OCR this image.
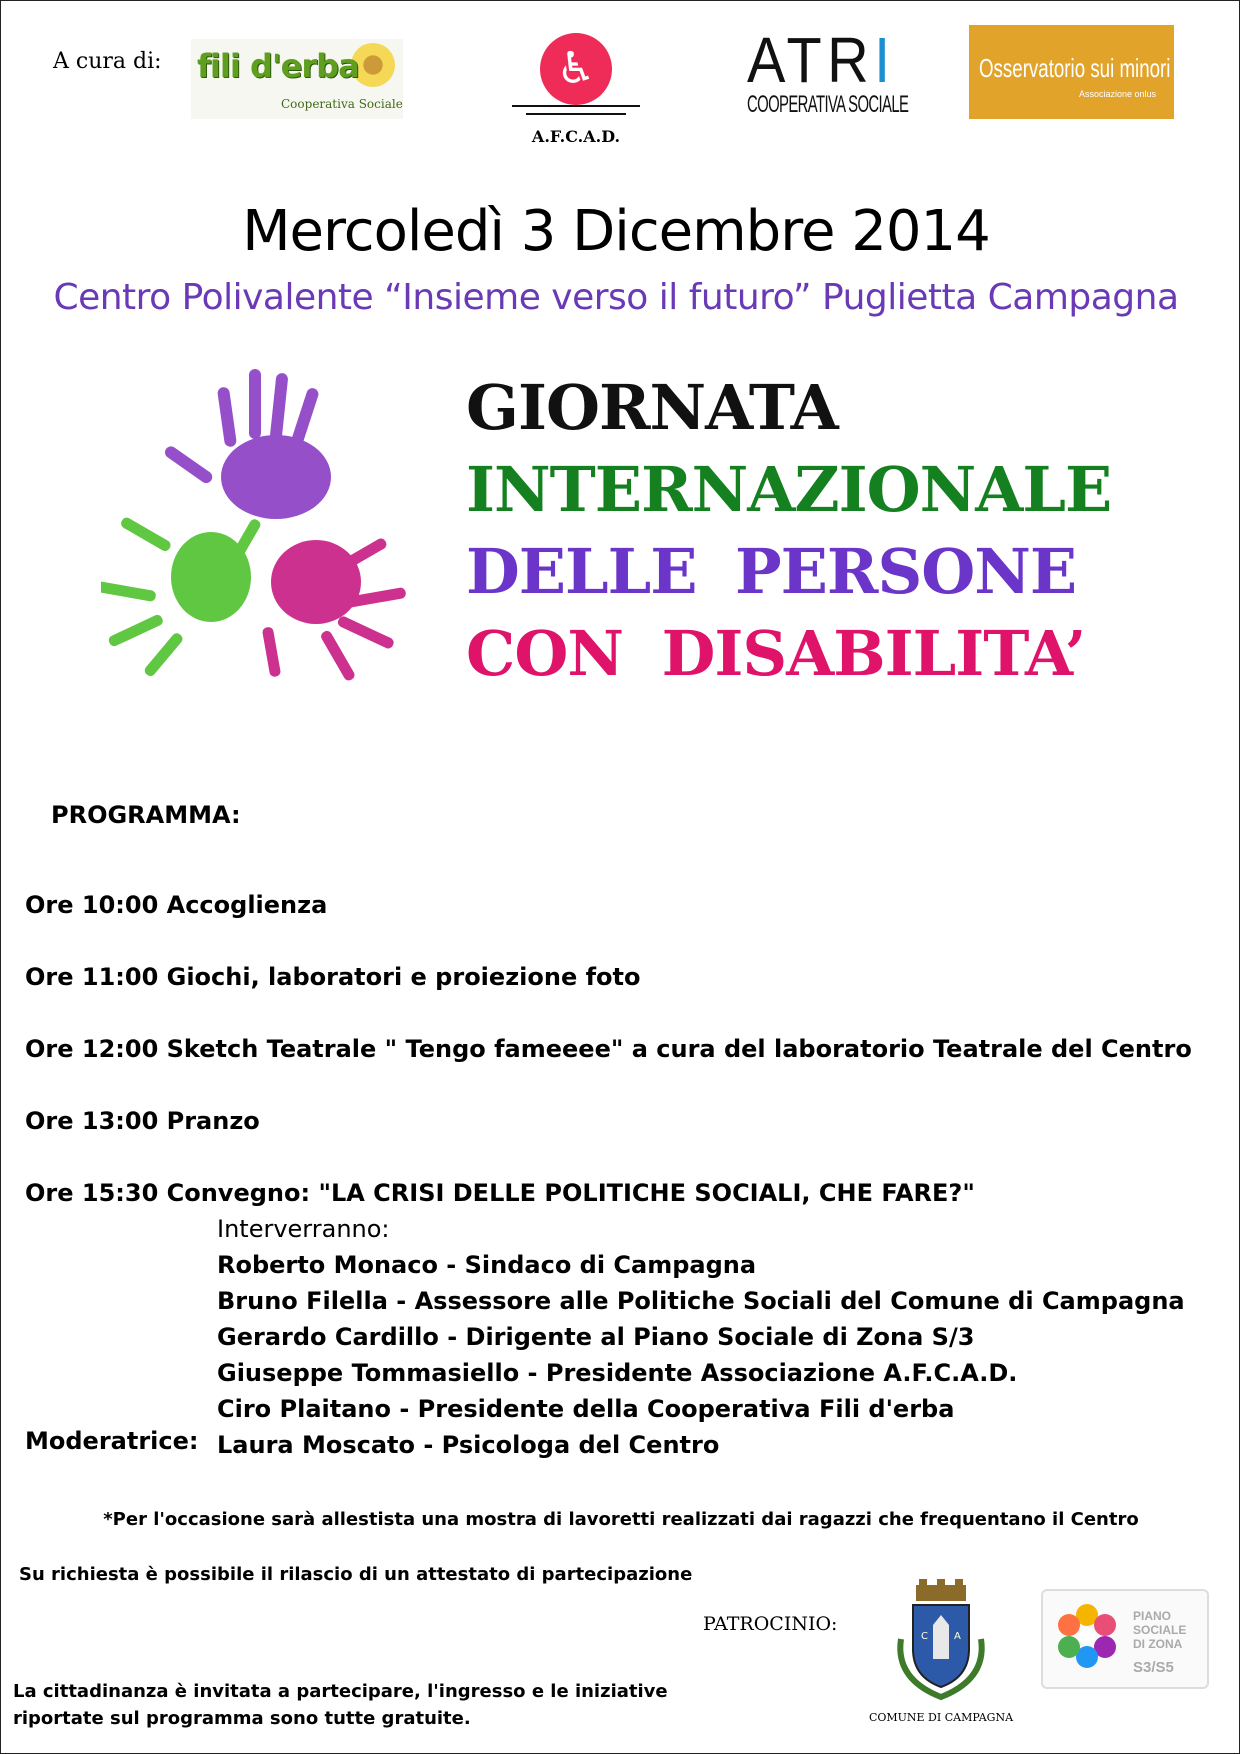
A cura di: fili d'erba
Cooperativa Sociale
♿
A.F.C.A.D.
ATRI
COOPERATIVA SOCIALE
Osservatorio sui minori
Associazione onlus
Mercoledì 3 Dicembre 2014
Centro Polivalente “Insieme verso il futuro” Puglietta Campagna
GIORNATA
INTERNAZIONALE
DELLE PERSONE
CON DISABILITA’
PROGRAMMA:
Ore 10:00 Accoglienza
Ore 11:00 Giochi, laboratori e proiezione foto
Ore 12:00 Sketch Teatrale " Tengo fameeee" a cura del laboratorio Teatrale del Centro
Ore 13:00 Pranzo
Ore 15:30 Convegno: "LA CRISI DELLE POLITICHE SOCIALI, CHE FARE?"
Interverranno:
Roberto Monaco - Sindaco di Campagna
Bruno Filella - Assessore alle Politiche Sociali del Comune di Campagna
Gerardo Cardillo - Dirigente al Piano Sociale di Zona S/3
Giuseppe Tommasiello - Presidente Associazione A.F.C.A.D.
Ciro Plaitano - Presidente della Cooperativa Fili d'erba
Moderatrice: Laura Moscato - Psicologa del Centro
*Per l'occasione sarà allestista una mostra di lavoretti realizzati dai ragazzi che frequentano il Centro
Su richiesta è possibile il rilascio di un attestato di partecipazione
PATROCINIO:
La cittadinanza è invitata a partecipare, l'ingresso e le iniziative riportate sul programma sono tutte gratuite.
C	A
COMUNE DI CAMPAGNA
PIANO SOCIALE DI ZONA
S3/S5
